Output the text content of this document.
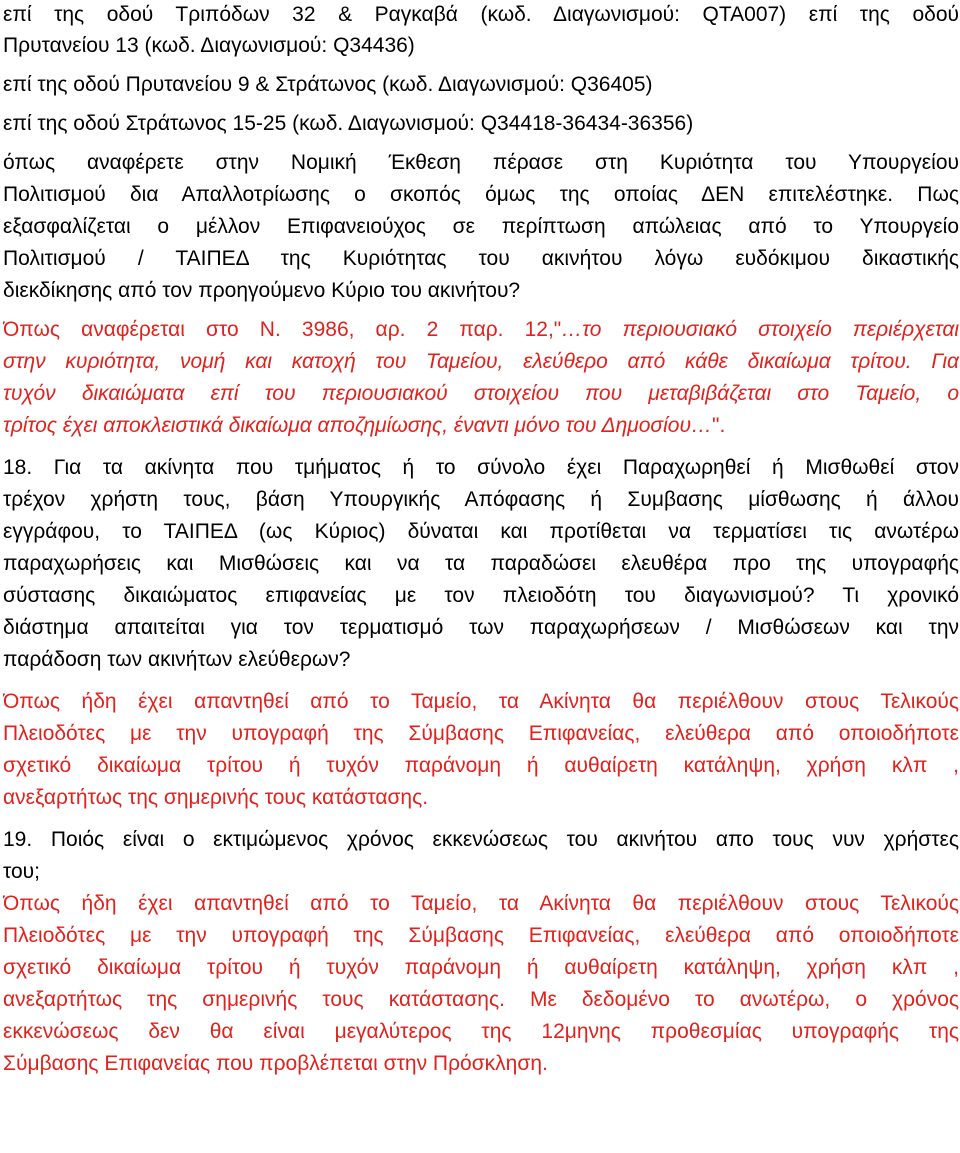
επί της οδού Τριπόδων 32 & Ραγκαβά (κωδ. Διαγωνισμού: QTA007) επί της οδού
Πρυτανείου 13 (κωδ. Διαγωνισμού: Q34436)
επί της οδού Πρυτανείου 9 & Στράτωνος (κωδ. Διαγωνισμού: Q36405)
επί της οδού Στράτωνος 15-25 (κωδ. Διαγωνισμού: Q34418-36434-36356)
όπως αναφέρετε στην Νομική Έκθεση πέρασε στη Κυριότητα του Υπουργείου
Πολιτισμού δια Απαλλοτρίωσης ο σκοπός όμως της οποίας ΔΕΝ επιτελέστηκε. Πως
εξασφαλίζεται ο μέλλον Επιφανειούχος σε περίπτωση απώλειας από το Υπουργείο
Πολιτισμού / ΤΑΙΠΕΔ της Κυριότητας του ακινήτου λόγω ευδόκιμου δικαστικής
διεκδίκησης από τον προηγούμενο Κύριο του ακινήτου?
Όπως αναφέρεται στο Ν. 3986, αρ. 2 παρ. 12,"…το περιουσιακό στοιχείο περιέρχεται
στην κυριότητα, νομή και κατοχή του Ταμείου, ελεύθερο από κάθε δικαίωμα τρίτου. Για
τυχόν δικαιώματα επί του περιουσιακού στοιχείου που μεταβιβάζεται στο Ταμείο, ο
τρίτος έχει αποκλειστικά δικαίωμα αποζημίωσης, έναντι μόνο του Δημοσίου…".
18. Για τα ακίνητα που τμήματος ή το σύνολο έχει Παραχωρηθεί ή Μισθωθεί στον
τρέχον χρήστη τους, βάση Υπουργικής Απόφασης ή Συμβασης μίσθωσης ή άλλου
εγγράφου, το ΤΑΙΠΕΔ (ως Κύριος) δύναται και προτίθεται να τερματίσει τις ανωτέρω
παραχωρήσεις και Μισθώσεις και να τα παραδώσει ελευθέρα προ της υπογραφής
σύστασης δικαιώματος επιφανείας με τον πλειοδότη του διαγωνισμού? Τι χρονικό
διάστημα απαιτείται για τον τερματισμό των παραχωρήσεων / Μισθώσεων και την
παράδοση των ακινήτων ελεύθερων?
Όπως ήδη έχει απαντηθεί από το Ταμείο, τα Ακίνητα θα περιέλθουν στους Τελικούς
Πλειοδότες με την υπογραφή της Σύμβασης Επιφανείας, ελεύθερα από οποιοδήποτε
σχετικό δικαίωμα τρίτου ή τυχόν παράνομη ή αυθαίρετη κατάληψη, χρήση κλπ ,
ανεξαρτήτως της σημερινής τους κατάστασης.
19. Ποιός είναι ο εκτιμώμενος χρόνος εκκενώσεως του ακινήτου απο τους νυν χρήστες
του;
Όπως ήδη έχει απαντηθεί από το Ταμείο, τα Ακίνητα θα περιέλθουν στους Τελικούς
Πλειοδότες με την υπογραφή της Σύμβασης Επιφανείας, ελεύθερα από οποιοδήποτε
σχετικό δικαίωμα τρίτου ή τυχόν παράνομη ή αυθαίρετη κατάληψη, χρήση κλπ ,
ανεξαρτήτως της σημερινής τους κατάστασης. Με δεδομένο το ανωτέρω, ο χρόνος
εκκενώσεως δεν θα είναι μεγαλύτερος της 12μηνης προθεσμίας υπογραφής της
Σύμβασης Επιφανείας που προβλέπεται στην Πρόσκληση.
